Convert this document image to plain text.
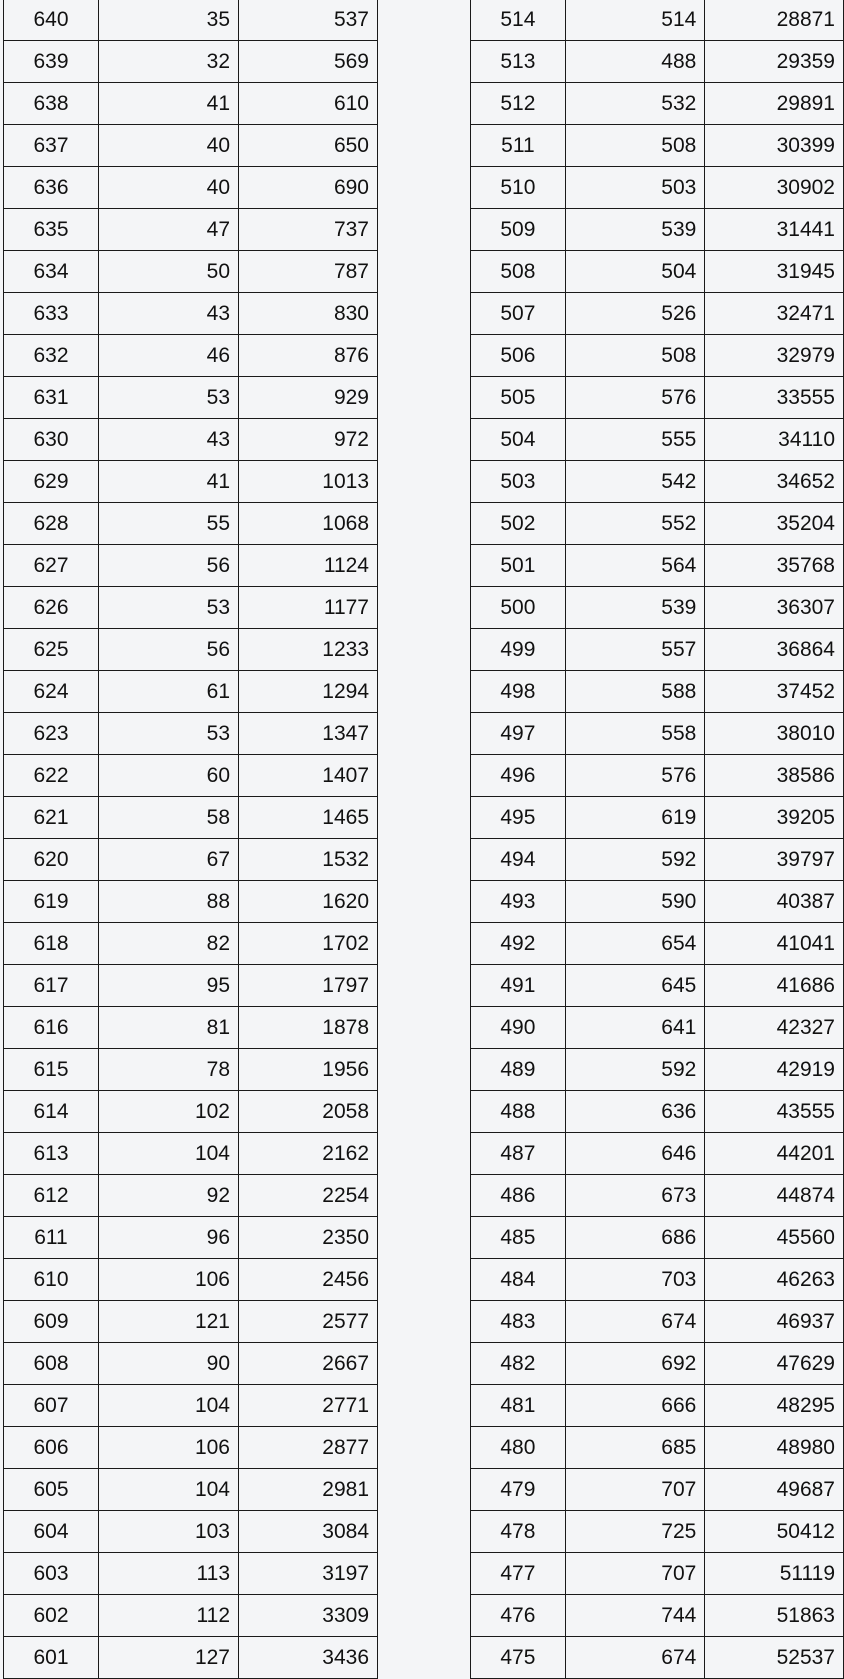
640	35	537
639	32	569
638	41	610
637	40	650
636	40	690
635	47	737
634	50	787
633	43	830
632	46	876
631	53	929
630	43	972
629	41	1013
628	55	1068
627	56	1124
626	53	1177
625	56	1233
624	61	1294
623	53	1347
622	60	1407
621	58	1465
620	67	1532
619	88	1620
618	82	1702
617	95	1797
616	81	1878
615	78	1956
614	102	2058
613	104	2162
612	92	2254
611	96	2350
610	106	2456
609	121	2577
608	90	2667
607	104	2771
606	106	2877
605	104	2981
604	103	3084
603	113	3197
602	112	3309
601	127	3436
514	514	28871
513	488	29359
512	532	29891
511	508	30399
510	503	30902
509	539	31441
508	504	31945
507	526	32471
506	508	32979
505	576	33555
504	555	34110
503	542	34652
502	552	35204
501	564	35768
500	539	36307
499	557	36864
498	588	37452
497	558	38010
496	576	38586
495	619	39205
494	592	39797
493	590	40387
492	654	41041
491	645	41686
490	641	42327
489	592	42919
488	636	43555
487	646	44201
486	673	44874
485	686	45560
484	703	46263
483	674	46937
482	692	47629
481	666	48295
480	685	48980
479	707	49687
478	725	50412
477	707	51119
476	744	51863
475	674	52537
